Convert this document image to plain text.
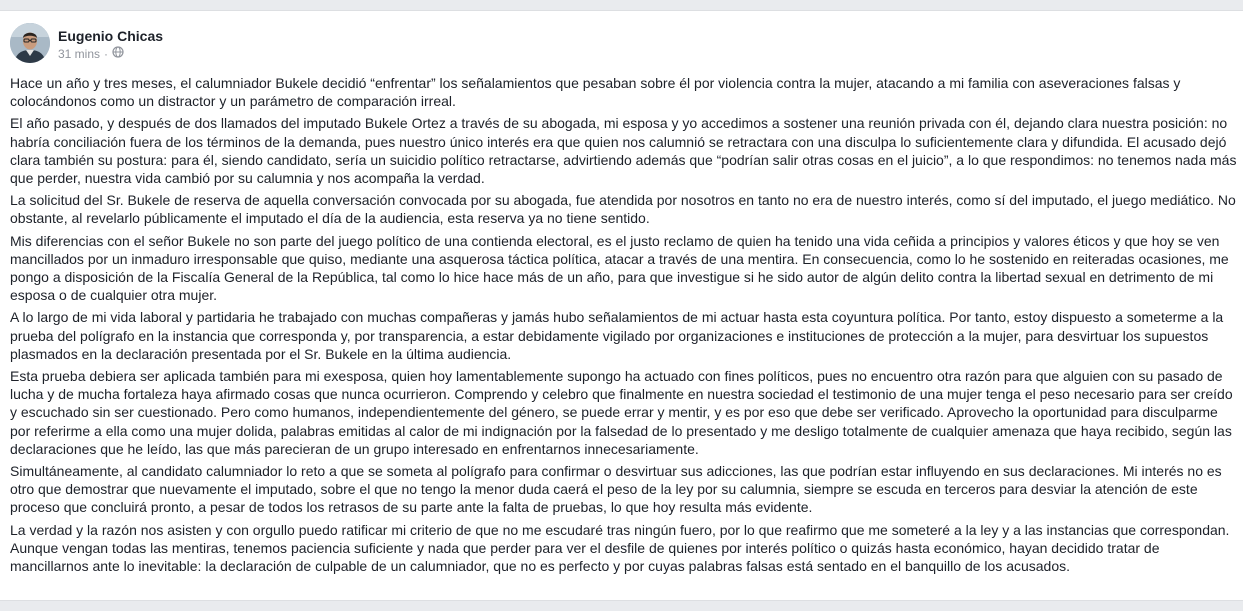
Eugenio Chicas
31 mins ·

Hace un año y tres meses, el calumniador Bukele decidió “enfrentar” los señalamientos que pesaban sobre él por violencia contra la mujer, atacando a mi familia con aseveraciones falsas y colocándonos como un distractor y un parámetro de comparación irreal.

El año pasado, y después de dos llamados del imputado Bukele Ortez a través de su abogada, mi esposa y yo accedimos a sostener una reunión privada con él, dejando clara nuestra posición: no habría conciliación fuera de los términos de la demanda, pues nuestro único interés era que quien nos calumnió se retractara con una disculpa lo suficientemente clara y difundida. El acusado dejó clara también su postura: para él, siendo candidato, sería un suicidio político retractarse, advirtiendo además que “podrían salir otras cosas en el juicio”, a lo que respondimos: no tenemos nada más que perder, nuestra vida cambió por su calumnia y nos acompaña la verdad.

La solicitud del Sr. Bukele de reserva de aquella conversación convocada por su abogada, fue atendida por nosotros en tanto no era de nuestro interés, como sí del imputado, el juego mediático. No obstante, al revelarlo públicamente el imputado el día de la audiencia, esta reserva ya no tiene sentido.

Mis diferencias con el señor Bukele no son parte del juego político de una contienda electoral, es el justo reclamo de quien ha tenido una vida ceñida a principios y valores éticos y que hoy se ven mancillados por un inmaduro irresponsable que quiso, mediante una asquerosa táctica política, atacar a través de una mentira. En consecuencia, como lo he sostenido en reiteradas ocasiones, me pongo a disposición de la Fiscalía General de la República, tal como lo hice hace más de un año, para que investigue si he sido autor de algún delito contra la libertad sexual en detrimento de mi esposa o de cualquier otra mujer.

A lo largo de mi vida laboral y partidaria he trabajado con muchas compañeras y jamás hubo señalamientos de mi actuar hasta esta coyuntura política. Por tanto, estoy dispuesto a someterme a la prueba del polígrafo en la instancia que corresponda y, por transparencia, a estar debidamente vigilado por organizaciones e instituciones de protección a la mujer, para desvirtuar los supuestos plasmados en la declaración presentada por el Sr. Bukele en la última audiencia.

Esta prueba debiera ser aplicada también para mi exesposa, quien hoy lamentablemente supongo ha actuado con fines políticos, pues no encuentro otra razón para que alguien con su pasado de lucha y de mucha fortaleza haya afirmado cosas que nunca ocurrieron. Comprendo y celebro que finalmente en nuestra sociedad el testimonio de una mujer tenga el peso necesario para ser creído y escuchado sin ser cuestionado. Pero como humanos, independientemente del género, se puede errar y mentir, y es por eso que debe ser verificado. Aprovecho la oportunidad para disculparme por referirme a ella como una mujer dolida, palabras emitidas al calor de mi indignación por la falsedad de lo presentado y me desligo totalmente de cualquier amenaza que haya recibido, según las declaraciones que he leído, las que más parecieran de un grupo interesado en enfrentarnos innecesariamente.

Simultáneamente, al candidato calumniador lo reto a que se someta al polígrafo para confirmar o desvirtuar sus adicciones, las que podrían estar influyendo en sus declaraciones. Mi interés no es otro que demostrar que nuevamente el imputado, sobre el que no tengo la menor duda caerá el peso de la ley por su calumnia, siempre se escuda en terceros para desviar la atención de este proceso que concluirá pronto, a pesar de todos los retrasos de su parte ante la falta de pruebas, lo que hoy resulta más evidente.

La verdad y la razón nos asisten y con orgullo puedo ratificar mi criterio de que no me escudaré tras ningún fuero, por lo que reafirmo que me someteré a la ley y a las instancias que correspondan. Aunque vengan todas las mentiras, tenemos paciencia suficiente y nada que perder para ver el desfile de quienes por interés político o quizás hasta económico, hayan decidido tratar de mancillarnos ante lo inevitable: la declaración de culpable de un calumniador, que no es perfecto y por cuyas palabras falsas está sentado en el banquillo de los acusados.
